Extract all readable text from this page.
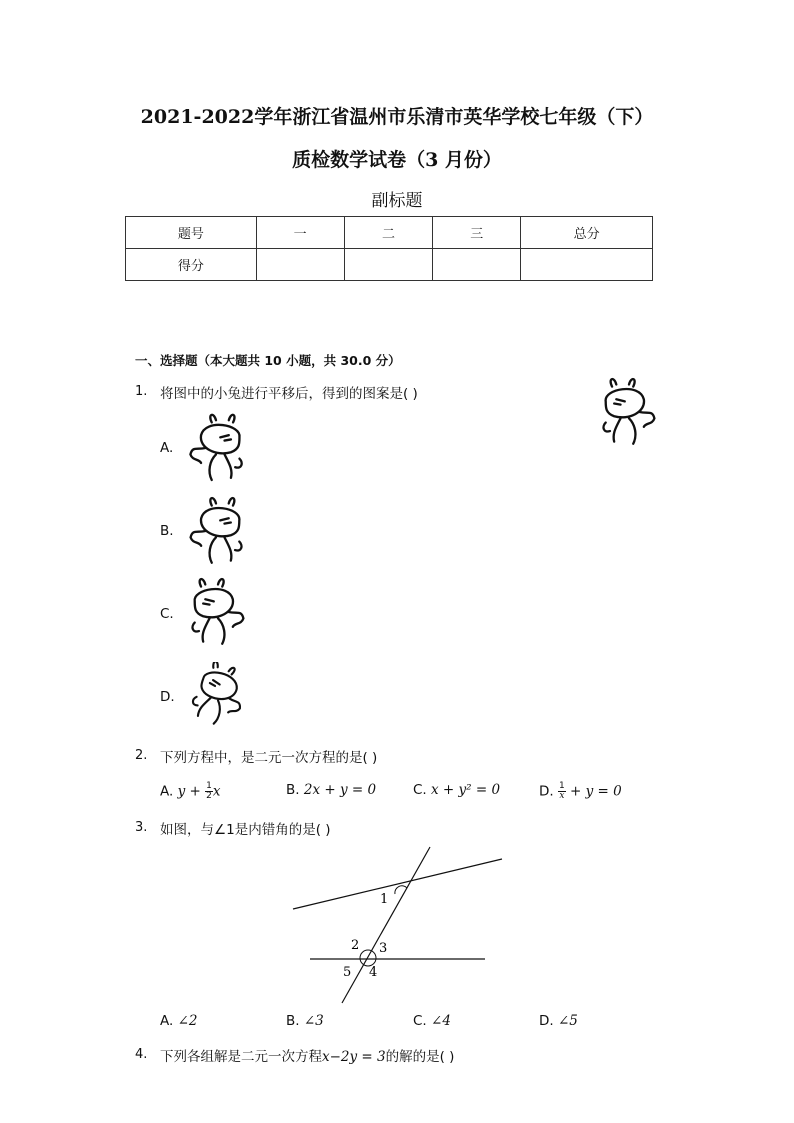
2021-2022学年浙江省温州市乐清市英华学校七年级（下）
质检数学试卷（3 月份）
副标题
题号	一	二	三	总分
得分				
一、选择题（本大题共 10 小题，共 30.0 分）
1. 将图中的小兔进行平移后，得到的图案是( )
A.
B.
C.
D.
2. 下列方程中，是二元一次方程的是( )
A. $y + \frac{1}{2}$ x	B. 2x + y = 0	C. x + y² = 0	D. $\frac{1}{x} + y = 0$
3. 如图，与∠1是内错角的是( )
1
2 3
4
5
A. ∠2	B. ∠3	C. ∠4	D. ∠5
4. 下列各组解是二元一次方程x−2y = 3的解的是( )
